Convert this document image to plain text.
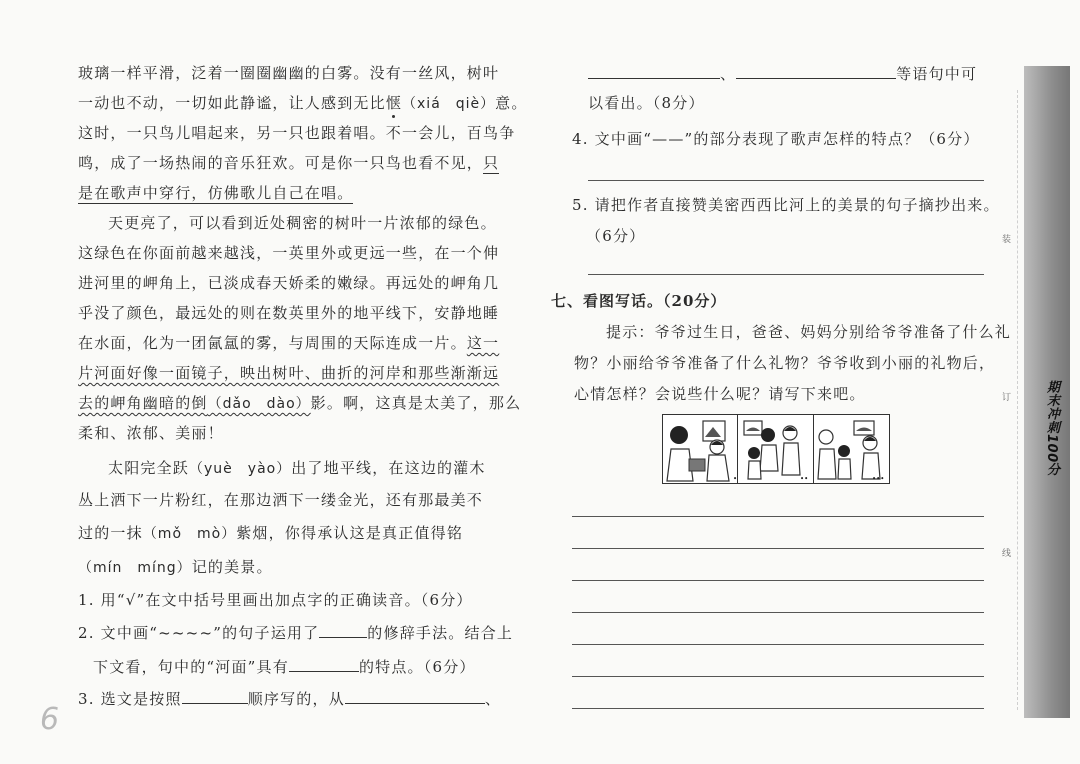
玻璃一样平滑，泛着一圈圈幽幽的白雾。没有一丝风，树叶
一动也不动，一切如此静谧，让人感到无比惬（xiá　qiè）意。
这时，一只鸟儿唱起来，另一只也跟着唱。不一会儿，百鸟争
鸣，成了一场热闹的音乐狂欢。可是你一只鸟也看不见，只
是在歌声中穿行，仿佛歌儿自己在唱。
天更亮了，可以看到近处稠密的树叶一片浓郁的绿色。
这绿色在你面前越来越浅，一英里外或更远一些，在一个伸
进河里的岬角上，已淡成春天娇柔的嫩绿。再远处的岬角几
乎没了颜色，最远处的则在数英里外的地平线下，安静地睡
在水面，化为一团氤氲的雾，与周围的天际连成一片。这一
片河面好像一面镜子，映出树叶、曲折的河岸和那些渐渐远
去的岬角幽暗的倒（dǎo　dào）影。啊，这真是太美了，那么
柔和、浓郁、美丽！
太阳完全跃（yuè　yào）出了地平线，在这边的灌木
丛上洒下一片粉红，在那边洒下一缕金光，还有那最美不
过的一抹（mǒ　mò）紫烟，你得承认这是真正值得铭
（mín　míng）记的美景。
1. 用“√”在文中括号里画出加点字的正确读音。（6分）
2. 文中画“~~~~”的句子运用了	的修辞手法。结合上
下文看，句中的“河面”具有	的特点。（6分）
3. 选文是按照	顺序写的，从	、
6
、	等语句中可
以看出。（8分）
4. 文中画“——”的部分表现了歌声怎样的特点？（6分）
5. 请把作者直接赞美密西西比河上的美景的句子摘抄出来。
（6分）
七、看图写话。（20分）
提示：爷爷过生日，爸爸、妈妈分别给爷爷准备了什么礼
物？小丽给爷爷准备了什么礼物？爷爷收到小丽的礼物后，
心情怎样？会说些什么呢？请写下来吧。
•	••	•••
装
订
线
期末冲刺100分
